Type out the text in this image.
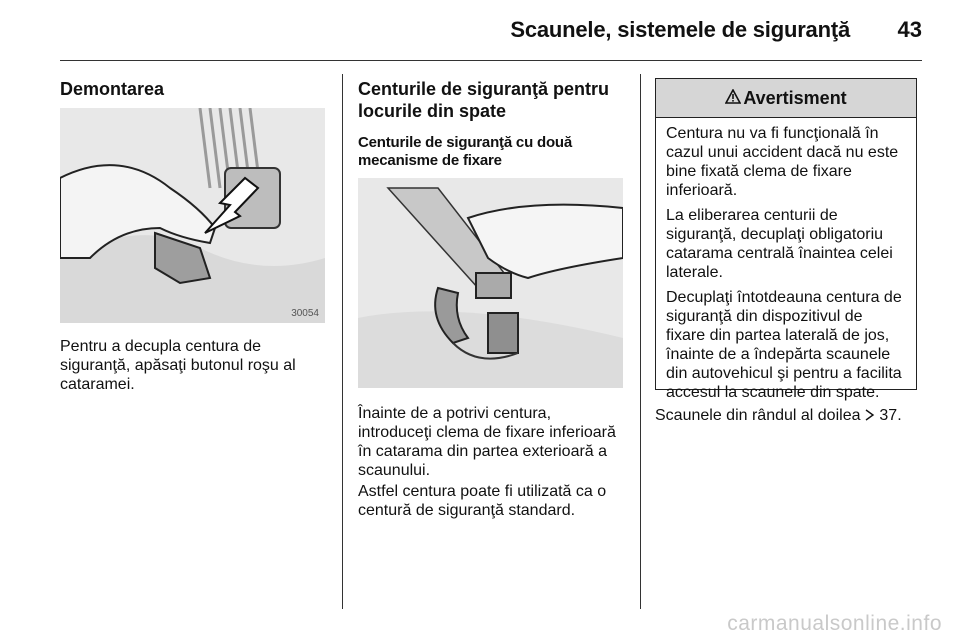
Scaunele, sistemele de siguranţă 43
Demontarea
30054

Pentru a decupla centura de siguranţă, apăsaţi butonul roşu al cataramei.

Centurile de siguranţă pentru locurile din spate
Centurile de siguranţă cu două mecanisme de fixare

Înainte de a potrivi centura, introduceţi clema de fixare inferioară în catarama din partea exterioară a scaunului.

Astfel centura poate fi utilizată ca o centură de siguranţă standard.

Avertisment

Centura nu va fi funcţională în cazul unui accident dacă nu este bine fixată clema de fixare inferioară.

La eliberarea centurii de siguranţă, decuplaţi obligatoriu catarama centrală înaintea celei laterale.

Decuplaţi întotdeauna centura de siguranţă din dispozitivul de fixare din partea laterală de jos, înainte de a îndepărta scaunele din autovehicul şi pentru a facilita accesul la scaunele din spate.

Scaunele din rândul al doilea 37.

carmanualsonline.info
